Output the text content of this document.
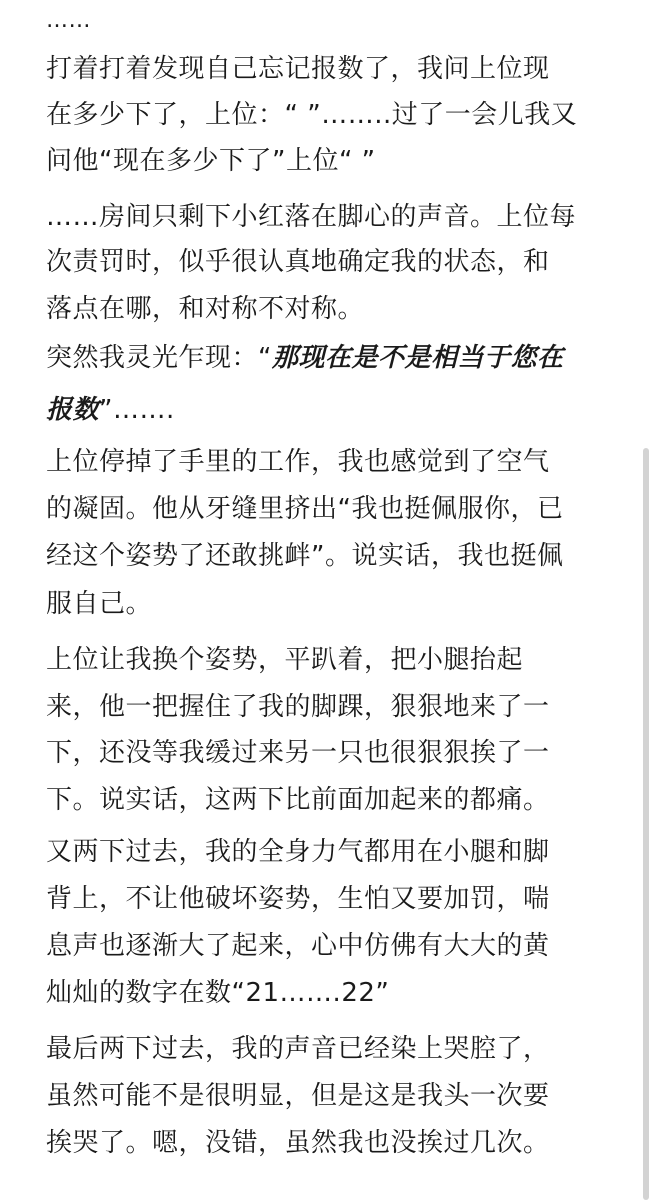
……
打着打着发现自己忘记报数了，我问上位现
在多少下了，上位：“ ”……..过了一会儿我又
问他“现在多少下了”上位“ ”
……房间只剩下小红落在脚心的声音。上位每
次责罚时，似乎很认真地确定我的状态，和
落点在哪，和对称不对称。
突然我灵光乍现：“那现在是不是相当于您在
报数”…….
上位停掉了手里的工作，我也感觉到了空气
的凝固。他从牙缝里挤出“我也挺佩服你，已
经这个姿势了还敢挑衅”。说实话，我也挺佩
服自己。
上位让我换个姿势，平趴着，把小腿抬起
来，他一把握住了我的脚踝，狠狠地来了一
下，还没等我缓过来另一只也很狠狠挨了一
下。说实话，这两下比前面加起来的都痛。
又两下过去，我的全身力气都用在小腿和脚
背上，不让他破坏姿势，生怕又要加罚，喘
息声也逐渐大了起来，心中仿佛有大大的黄
灿灿的数字在数“21…….22”
最后两下过去，我的声音已经染上哭腔了，
虽然可能不是很明显，但是这是我头一次要
挨哭了。嗯，没错，虽然我也没挨过几次。
